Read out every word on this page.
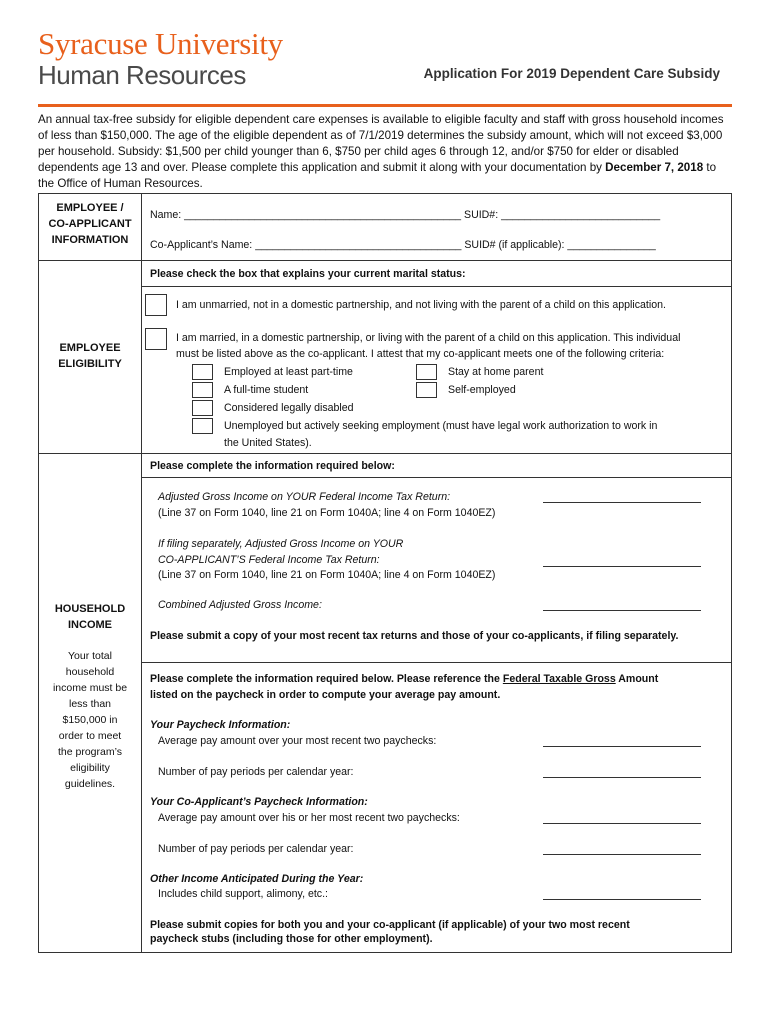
Syracuse University
Human Resources	Application For 2019 Dependent Care Subsidy
An annual tax-free subsidy for eligible dependent care expenses is available to eligible faculty and staff with gross household incomes of less than $150,000. The age of the eligible dependent as of 7/1/2019 determines the subsidy amount, which will not exceed $3,000 per household. Subsidy: $1,500 per child younger than 6, $750 per child ages 6 through 12, and/or $750 for elder or disabled dependents age 13 and over. Please complete this application and submit it along with your documentation by December 7, 2018 to the Office of Human Resources.
EMPLOYEE /
CO-APPLICANT
INFORMATION
Name: _______________________________________________ SUID#: ___________________________
Co-Applicant’s Name: ___________________________________ SUID# (if applicable): _______________
EMPLOYEE
ELIGIBILITY
Please check the box that explains your current marital status:
I am unmarried, not in a domestic partnership, and not living with the parent of a child on this application.
I am married, in a domestic partnership, or living with the parent of a child on this application. This individual
must be listed above as the co-applicant. I attest that my co-applicant meets one of the following criteria:
Employed at least part-time	Stay at home parent
A full-time student	Self-employed
Considered legally disabled
Unemployed but actively seeking employment (must have legal work authorization to work in
the United States).
HOUSEHOLD
INCOME
Your total
household
income must be
less than
$150,000 in
order to meet
the program’s
eligibility
guidelines.
Please complete the information required below:
Adjusted Gross Income on YOUR Federal Income Tax Return:
(Line 37 on Form 1040, line 21 on Form 1040A; line 4 on Form 1040EZ)
If filing separately, Adjusted Gross Income on YOUR
CO-APPLICANT’S Federal Income Tax Return:
(Line 37 on Form 1040, line 21 on Form 1040A; line 4 on Form 1040EZ)
Combined Adjusted Gross Income:
Please submit a copy of your most recent tax returns and those of your co-applicants, if filing separately.
Please complete the information required below. Please reference the Federal Taxable Gross Amount
listed on the paycheck in order to compute your average pay amount.
Your Paycheck Information:
Average pay amount over your most recent two paychecks:
Number of pay periods per calendar year:
Your Co-Applicant’s Paycheck Information:
Average pay amount over his or her most recent two paychecks:
Number of pay periods per calendar year:
Other Income Anticipated During the Year:
Includes child support, alimony, etc.:
Please submit copies for both you and your co-applicant (if applicable) of your two most recent
paycheck stubs (including those for other employment).
